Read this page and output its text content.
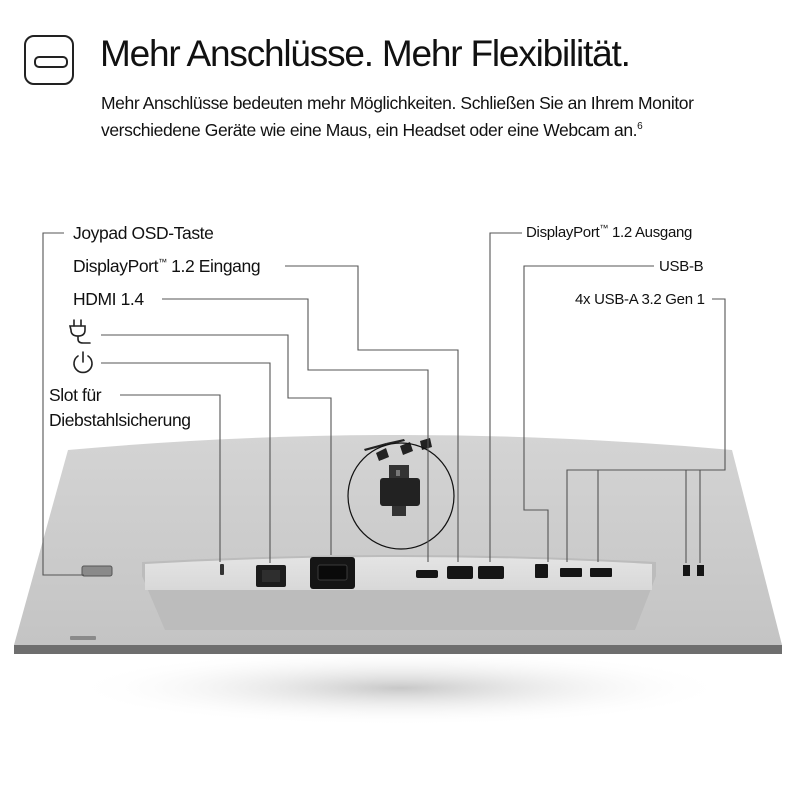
Mehr Anschlüsse. Mehr Flexibilität.

Mehr Anschlüsse bedeuten mehr Möglichkeiten. Schließen Sie an Ihrem Monitor verschiedene Geräte wie eine Maus, ein Headset oder eine Webcam an.$^6$

Joypad OSD-Taste
DisplayPort™ 1.2 Eingang
HDMI 1.4
Slot für
Diebstahlsicherung
DisplayPort™ 1.2 Ausgang
USB-B
4x USB-A 3.2 Gen 1
